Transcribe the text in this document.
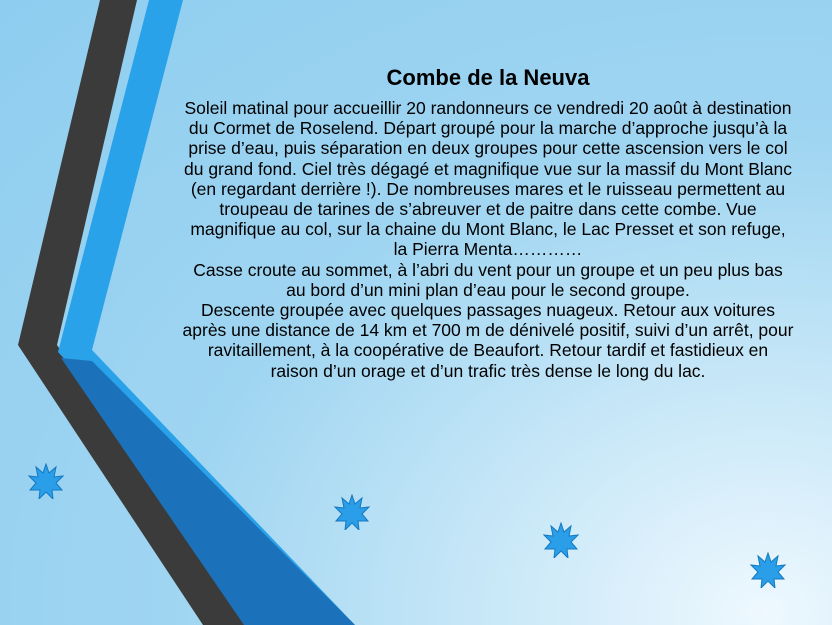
Combe de la Neuva

Soleil matinal pour accueillir 20 randonneurs ce vendredi 20 août à destination du Cormet de Roselend. Départ groupé pour la marche d’approche jusqu’à la prise d’eau, puis séparation en deux groupes pour cette ascension vers le col du grand fond. Ciel très dégagé et magnifique vue sur la massif du Mont Blanc (en regardant derrière !). De nombreuses mares et le ruisseau permettent au troupeau de tarines de s’abreuver et de paitre dans cette combe. Vue magnifique au col, sur la chaine du Mont Blanc, le Lac Presset et son refuge, la Pierra Menta…………

Casse croute au sommet, à l’abri du vent pour un groupe et un peu plus bas au bord d’un mini plan d’eau pour le second groupe.

Descente groupée avec quelques passages nuageux. Retour aux voitures après une distance de 14 km et 700 m de dénivelé positif, suivi d’un arrêt, pour ravitaillement, à la coopérative de Beaufort. Retour tardif et fastidieux en raison d’un orage et d’un trafic très dense le long du lac.
